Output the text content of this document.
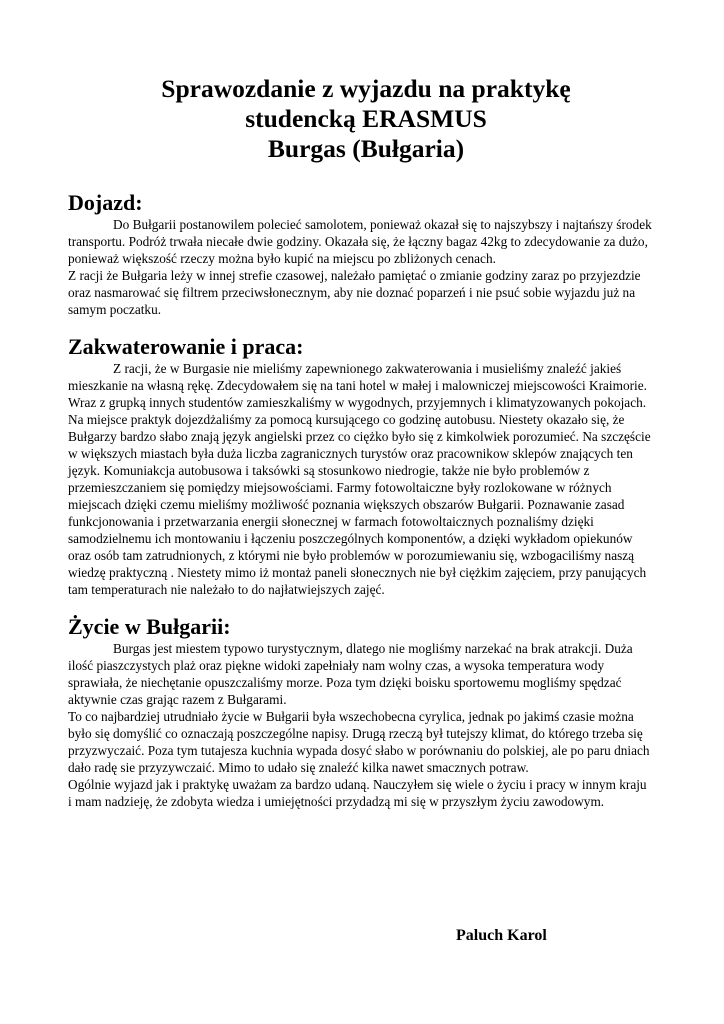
Sprawozdanie z wyjazdu na praktykę
studencką ERASMUS
Burgas (Bułgaria)
Dojazd:

Do Bułgarii postanowilem polecieć samolotem, ponieważ okazał się to najszybszy i najtańszy środek transportu. Podróż trwała niecałe dwie godziny. Okazała się, że łączny bagaz 42kg to zdecydowanie za dużo, ponieważ większość rzeczy można było kupić na miejscu po zbliżonych cenach.

Z racji że Bułgaria leży w innej strefie czasowej, należało pamiętać o zmianie godziny zaraz po przyjezdzie oraz nasmarować się filtrem przeciwsłonecznym, aby nie doznać poparzeń i nie psuć sobie wyjazdu już na samym poczatku.

Zakwaterowanie i praca:

Z racji, że w Burgasie nie mieliśmy zapewnionego zakwaterowania i musieliśmy znaleźć jakieś mieszkanie na własną rękę. Zdecydowałem się na tani hotel w małej i malowniczej miejscowości Kraimorie. Wraz z grupką innych studentów zamieszkaliśmy w wygodnych, przyjemnych i klimatyzowanych pokojach. Na miejsce praktyk dojezdżaliśmy za pomocą kursującego co godzinę autobusu. Niestety okazało się, że Bułgarzy bardzo słabo znają język angielski przez co ciężko było się z kimkolwiek porozumieć. Na szczęście w większych miastach była duża liczba zagranicznych turystów oraz pracownikow sklepów znających ten język. Komuniakcja autobusowa i taksówki są stosunkowo niedrogie, także nie było problemów z przemieszczaniem się pomiędzy miejsowościami. Farmy fotowoltaiczne były rozlokowane w różnych miejscach dzięki czemu mieliśmy możliwość poznania większych obszarów Bułgarii. Poznawanie zasad funkcjonowania i przetwarzania energii słonecznej w farmach fotowoltaicznych poznaliśmy dzięki samodzielnemu ich montowaniu i łączeniu poszczególnych komponentów, a dzięki wykładom opiekunów oraz osób tam zatrudnionych, z którymi nie było problemów w porozumiewaniu się, wzbogaciliśmy naszą wiedzę praktyczną . Niestety mimo iż montaż paneli słonecznych nie był ciężkim zajęciem, przy panujących tam temperaturach nie należało to do najłatwiejszych zajęć.

Życie w Bułgarii:

Burgas jest miestem typowo turystycznym, dlatego nie mogliśmy narzekać na brak atrakcji. Duża ilość piaszczystych plaż oraz piękne widoki zapełniały nam wolny czas, a wysoka temperatura wody sprawiała, że niechętanie opuszczaliśmy morze. Poza tym dzięki boisku sportowemu mogliśmy spędzać aktywnie czas grając razem z Bułgarami.

To co najbardziej utrudniało życie w Bułgarii była wszechobecna cyrylica, jednak po jakimś czasie można było się domyślić co oznaczają poszczególne napisy. Drugą rzeczą był tutejszy klimat, do którego trzeba się przyzwyczaić. Poza tym tutajesza kuchnia wypada dosyć słabo w porównaniu do polskiej, ale po paru dniach dało radę sie przyzywczaić. Mimo to udało się znaleźć kilka nawet smacznych potraw.

Ogólnie wyjazd jak i praktykę uważam za bardzo udaną. Nauczyłem się wiele o życiu i pracy w innym kraju i mam nadzieję, że zdobyta wiedza i umiejętności przydadzą mi się w przyszłym życiu zawodowym.

Paluch Karol
